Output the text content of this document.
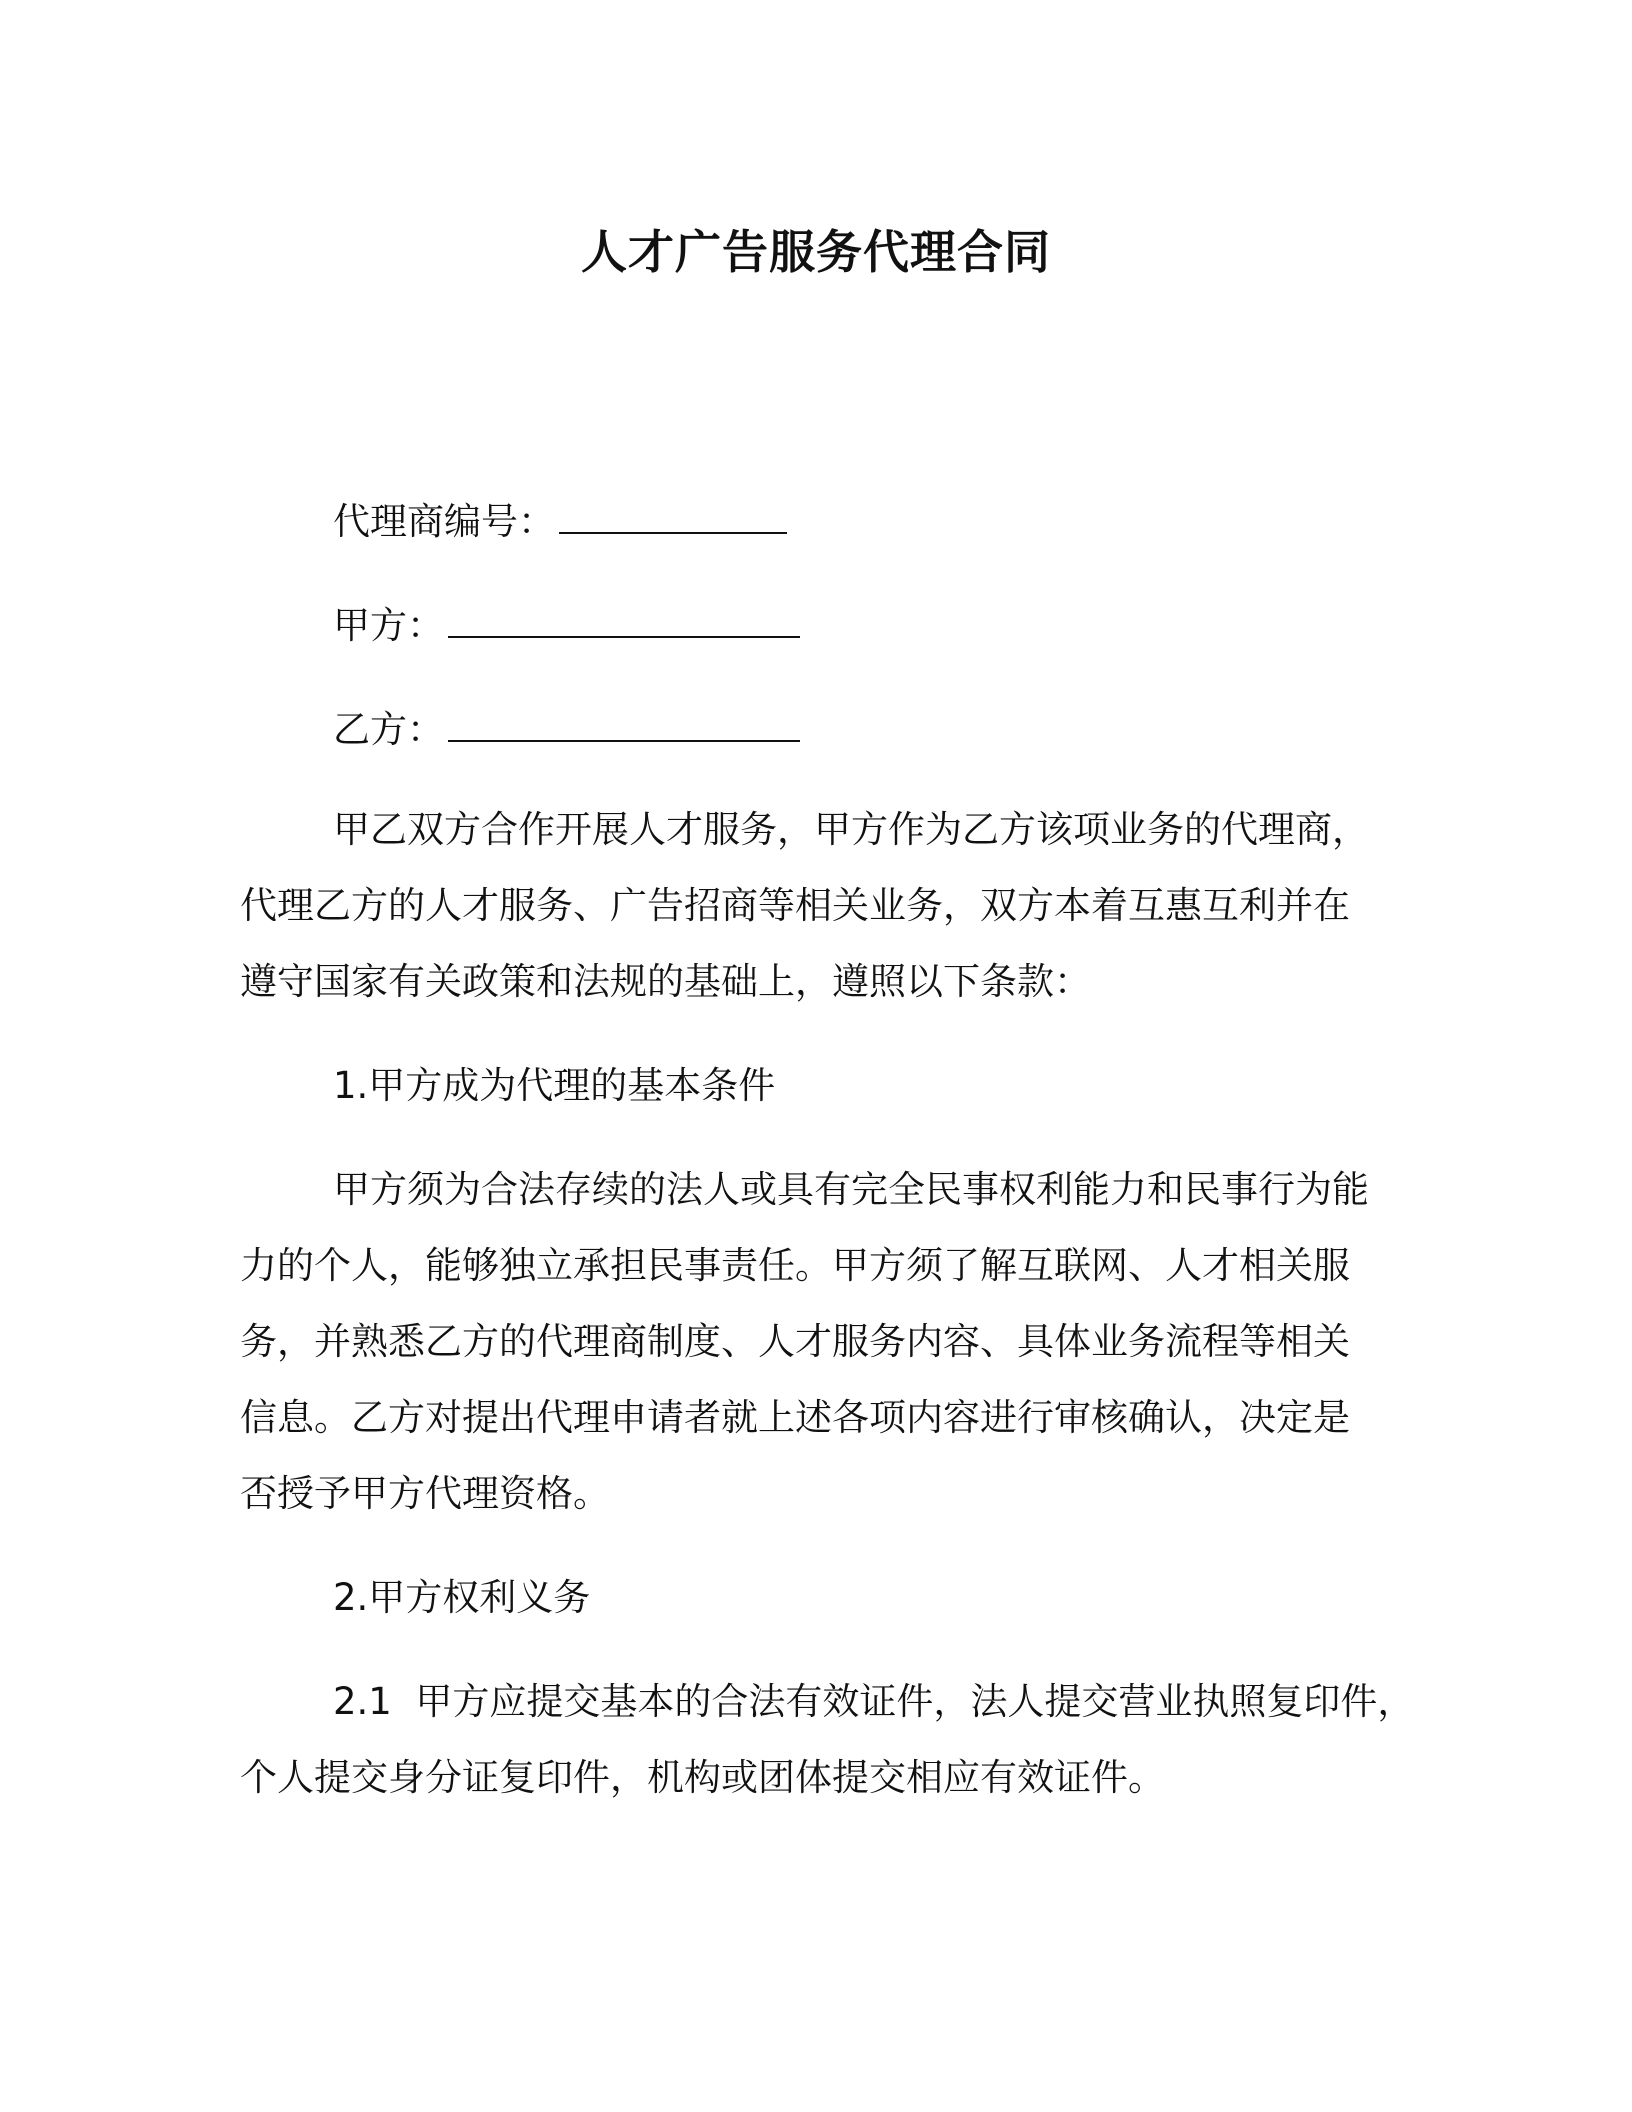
人才广告服务代理合同

代理商编号：

甲方：

乙方：

甲乙双方合作开展人才服务，甲方作为乙方该项业务的代理商，

代理乙方的人才服务、广告招商等相关业务，双方本着互惠互利并在

遵守国家有关政策和法规的基础上，遵照以下条款：

1.甲方成为代理的基本条件

甲方须为合法存续的法人或具有完全民事权利能力和民事行为能

力的个人，能够独立承担民事责任。甲方须了解互联网、人才相关服

务，并熟悉乙方的代理商制度、人才服务内容、具体业务流程等相关

信息。乙方对提出代理申请者就上述各项内容进行审核确认，决定是

否授予甲方代理资格。

2.甲方权利义务

2.1 甲方应提交基本的合法有效证件，法人提交营业执照复印件，

个人提交身分证复印件，机构或团体提交相应有效证件。
